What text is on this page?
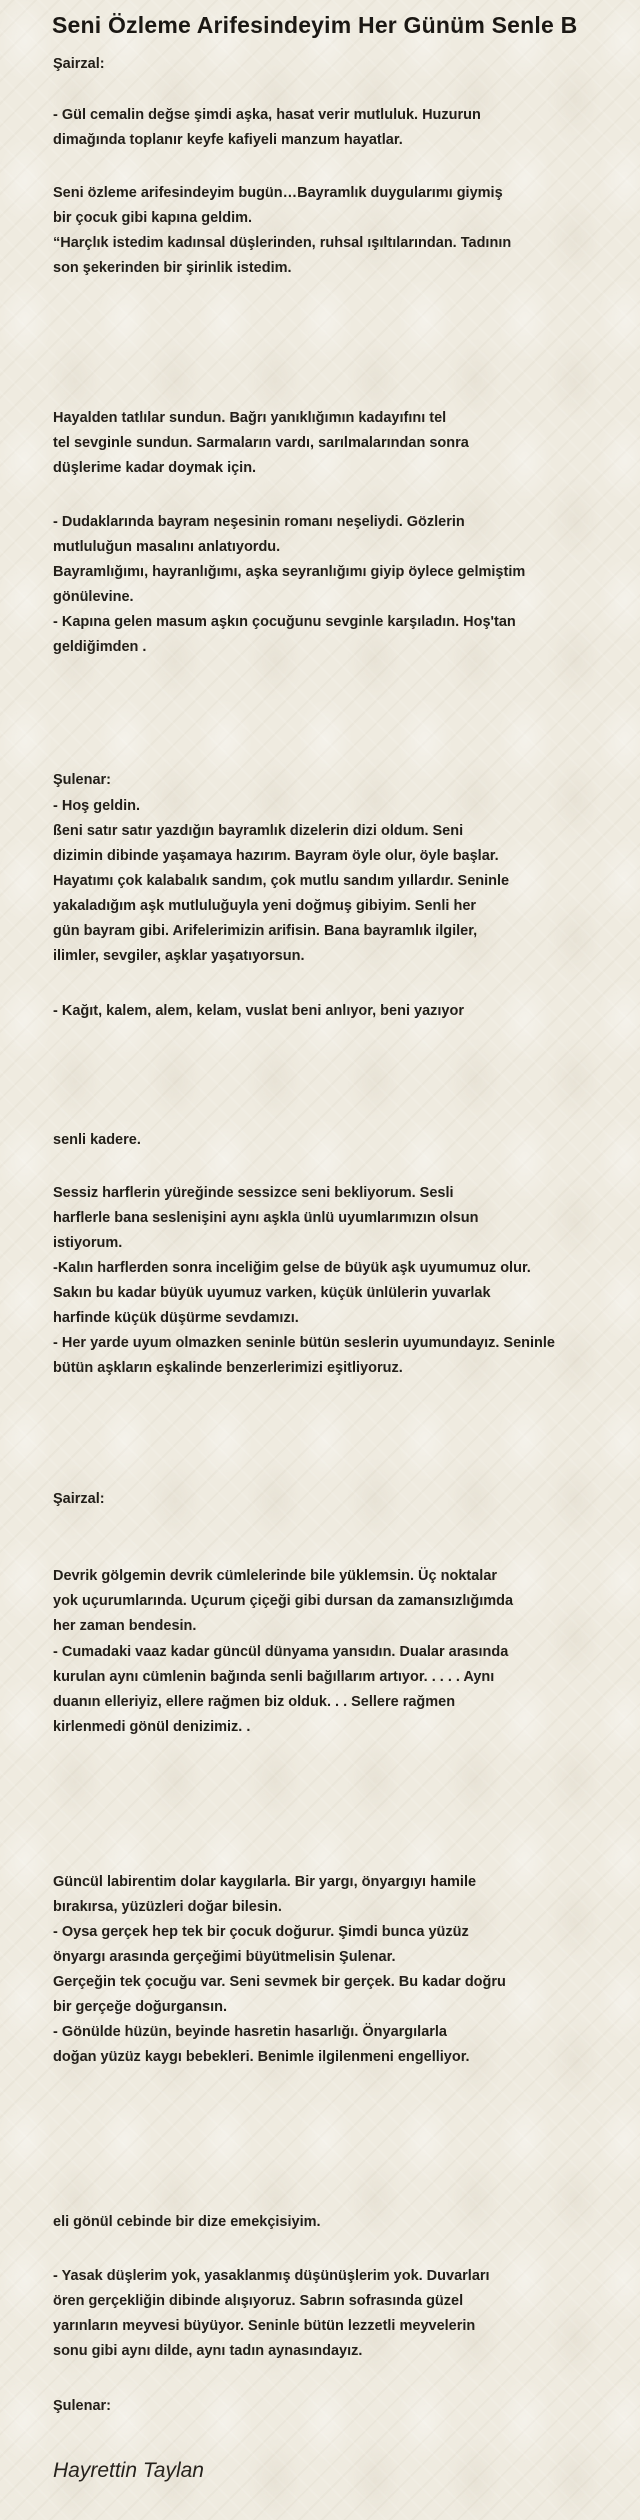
Seni Özleme Arifesindeyim Her Günüm Senle B

Şairzal:

- Gül cemalin değse şimdi aşka, hasat verir mutluluk. Huzurun

dimağında toplanır keyfe kafiyeli manzum hayatlar.

Seni özleme arifesindeyim bugün…Bayramlık duygularımı giymiş

bir çocuk gibi kapına geldim.

“Harçlık istedim kadınsal düşlerinden, ruhsal ışıltılarından. Tadının

son şekerinden bir şirinlik istedim.

Hayalden tatlılar sundun. Bağrı yanıklığımın kadayıfını tel

tel sevginle sundun. Sarmaların vardı, sarılmalarından sonra

düşlerime kadar doymak için.

- Dudaklarında bayram neşesinin romanı neşeliydi. Gözlerin

mutluluğun masalını anlatıyordu.

Bayramlığımı, hayranlığımı, aşka seyranlığımı giyip öylece gelmiştim

gönülevine.

- Kapına gelen masum aşkın çocuğunu sevginle karşıladın. Hoş'tan

geldiğimden .

Şulenar:

- Hoş geldin.

ßeni satır satır yazdığın bayramlık dizelerin dizi oldum. Seni

dizimin dibinde yaşamaya hazırım. Bayram öyle olur, öyle başlar.

Hayatımı çok kalabalık sandım, çok mutlu sandım yıllardır. Seninle

yakaladığım aşk mutluluğuyla yeni doğmuş gibiyim. Senli her

gün bayram gibi. Arifelerimizin arifisin. Bana bayramlık ilgiler,

ilimler, sevgiler, aşklar yaşatıyorsun.

- Kağıt, kalem, alem, kelam, vuslat beni anlıyor, beni yazıyor

senli kadere.

Sessiz harflerin yüreğinde sessizce seni bekliyorum. Sesli

harflerle bana seslenişini aynı aşkla ünlü uyumlarımızın olsun

istiyorum.

-Kalın harflerden sonra inceliğim gelse de büyük aşk uyumumuz olur.

Sakın bu kadar büyük uyumuz varken, küçük ünlülerin yuvarlak

harfinde küçük düşürme sevdamızı.

- Her yarde uyum olmazken seninle bütün seslerin uyumundayız. Seninle

bütün aşkların eşkalinde benzerlerimizi eşitliyoruz.

Şairzal:

Devrik gölgemin devrik cümlelerinde bile yüklemsin. Üç noktalar

yok uçurumlarında. Uçurum çiçeği gibi dursan da zamansızlığımda

her zaman bendesin.

- Cumadaki vaaz kadar güncül dünyama yansıdın. Dualar arasında

kurulan aynı cümlenin bağında senli bağıllarım artıyor. . . . . Aynı

duanın elleriyiz, ellere rağmen biz olduk. . . Sellere rağmen

kirlenmedi gönül denizimiz. .

Güncül labirentim dolar kaygılarla. Bir yargı, önyargıyı hamile

bırakırsa, yüzüzleri doğar bilesin.

- Oysa gerçek hep tek bir çocuk doğurur. Şimdi bunca yüzüz

önyargı arasında gerçeğimi büyütmelisin Şulenar.

Gerçeğin tek çocuğu var. Seni sevmek bir gerçek. Bu kadar doğru

bir gerçeğe doğurgansın.

- Gönülde hüzün, beyinde hasretin hasarlığı. Önyargılarla

doğan yüzüz kaygı bebekleri. Benimle ilgilenmeni engelliyor.

eli gönül cebinde bir dize emekçisiyim.

- Yasak düşlerim yok, yasaklanmış düşünüşlerim yok. Duvarları

ören gerçekliğin dibinde alışıyoruz. Sabrın sofrasında güzel

yarınların meyvesi büyüyor. Seninle bütün lezzetli meyvelerin

sonu gibi aynı dilde, aynı tadın aynasındayız.

Şulenar:

Hayrettin Taylan
